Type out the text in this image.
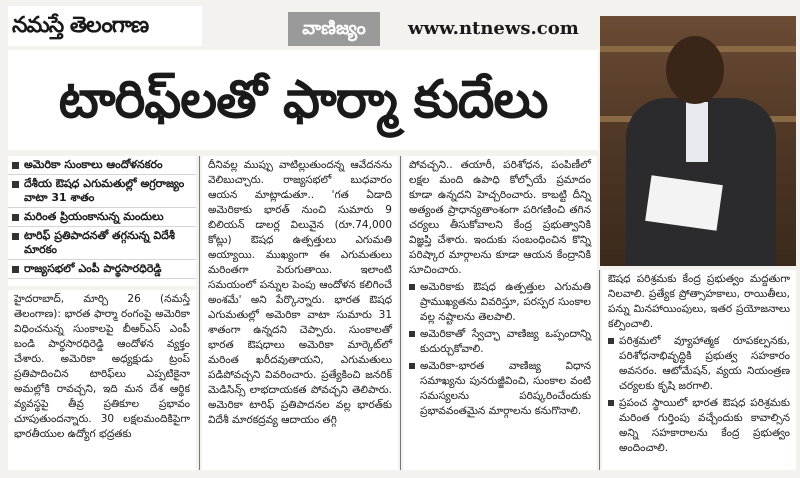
నమస్తే తెలంగాణ	వాణిజ్యం	www.ntnews.com
టారిఫ్‌లతో ఫార్మా కుదేలు
అమెరికా సుంకాలు ఆందోళనకరం
దేశీయ ఔషధ ఎగుమతుల్లో అగ్రరాజ్యం వాటా 31 శాతం
మరింత ప్రియంకానున్న మందులు
టారిఫ్ ప్రతిపాదనతో తగ్గనున్న విదేశీ మారకం
రాజ్యసభలో ఎంపీ పార్థసారధిరెడ్డి

హైదరాబాద్, మార్చి 26 (నమస్తే తెలంగాణ): భారత ఫార్మా రంగంపై అమెరికా విధించనున్న సుంకాలపై బీఆర్ఎస్ ఎంపీ బండి పార్థసారధిరెడ్డి ఆందోళన వ్యక్తం చేశారు. అమెరికా అధ్యక్షుడు ట్రంప్ ప్రతిపాదించిన టారిఫ్‌లు ఎప్పటికైనా అమల్లోకి రావచ్చని, ఇది మన దేశ ఆర్థిక వ్యవస్థపై తీవ్ర ప్రతికూల ప్రభావం చూపుతుందన్నారు. 30 లక్షలమందికిపైగా భారతీయుల ఉద్యోగ భద్రతకు

దీనివల్ల ముప్పు వాటిల్లుతుందన్న ఆవేదనను వెలిబుచ్చారు. రాజ్యసభలో బుధవారం ఆయన మాట్లాడుతూ.. 'గత ఏడాది అమెరికాకు భారత్ నుంచి సుమారు 9 బిలియన్ డాలర్ల విలువైన (రూ.74,000 కోట్లు) ఔషధ ఉత్పత్తులు ఎగుమతి అయ్యాయి. ముఖ్యంగా ఈ ఎగుమతులు మరింతగా పెరుగుతాయి. ఇలాంటి సమయంలో పన్నుల పెంపు ఆందోళన కలిగించే అంశమే' అని పేర్కొన్నారు. భారత ఔషధ ఎగుమతుల్లో అమెరికా వాటా సుమారు 31 శాతంగా ఉన్నదని చెప్పారు. సుంకాలతో భారత ఔషధాలు అమెరికా మార్కెట్‌లో మరింత ఖరీదవుతాయని, ఎగుమతులు పడిపోవచ్చని వివరించారు. ప్రత్యేకించి జనరిక్ మెడిసిన్స్ లాభదాయకత పోవచ్చని తెలిపారు. అమెరికా టారిఫ్ ప్రతిపాదనల వల్ల భారత్‌కు విదేశీ మారకద్రవ్య ఆదాయం తగ్గి

పోవచ్చని.. తయారీ, పరిశోధన, పంపిణీలో లక్షల మంది ఉపాధి కోల్పోయే ప్రమాదం కూడా ఉన్నదని హెచ్చరించారు. కాబట్టి దీన్ని అత్యంత ప్రాధాన్యతాంశంగా పరిగణించి తగిన చర్యలు తీసుకోవాలని కేంద్ర ప్రభుత్వానికి విజ్ఞప్తి చేశారు. ఇందుకు సంబంధించిన కొన్ని పరిష్కార మార్గాలను కూడా ఆయన కేంద్రానికి సూచించారు.

అమెరికాకు ఔషధ ఉత్పత్తుల ఎగుమతి ప్రాముఖ్యతను వివరిస్తూ, పరస్పర సుంకాల వల్ల నష్టాలను తెలపాలి.
అమెరికాతో స్వేచ్ఛా వాణిజ్య ఒప్పందాన్ని కుదుర్చుకోవాలి.
అమెరికా-భారత వాణిజ్య విధాన సమాఖ్యను పునరుజ్జీవించి, సుంకాల వంటి సమస్యలను పరిష్కరించేందుకు ప్రభావవంతమైన మార్గాలను కనుగొనాలి.

ఔషధ పరిశ్రమకు కేంద్ర ప్రభుత్వం మద్దతుగా నిలవాలి. ప్రత్యేక ప్రోత్సాహకాలు, రాయితీలు, పన్ను మినహాయింపులు, ఇతర ప్రయోజనాలు కల్పించాలి.

పరిశ్రమలో వ్యూహాత్మక రూపకల్పనకు, పరిశోధనాభివృద్ధికి ప్రభుత్వ సహకారం అవసరం. ఆటోమేషన్, వ్యయ నియంత్రణ చర్యలకు కృషి జరగాలి.
ప్రపంచ స్థాయిలో భారత ఔషధ పరిశ్రమకు మరింత గుర్తింపు వచ్చేందుకు కావాల్సిన అన్ని సహకారాలను కేంద్ర ప్రభుత్వం అందించాలి.
